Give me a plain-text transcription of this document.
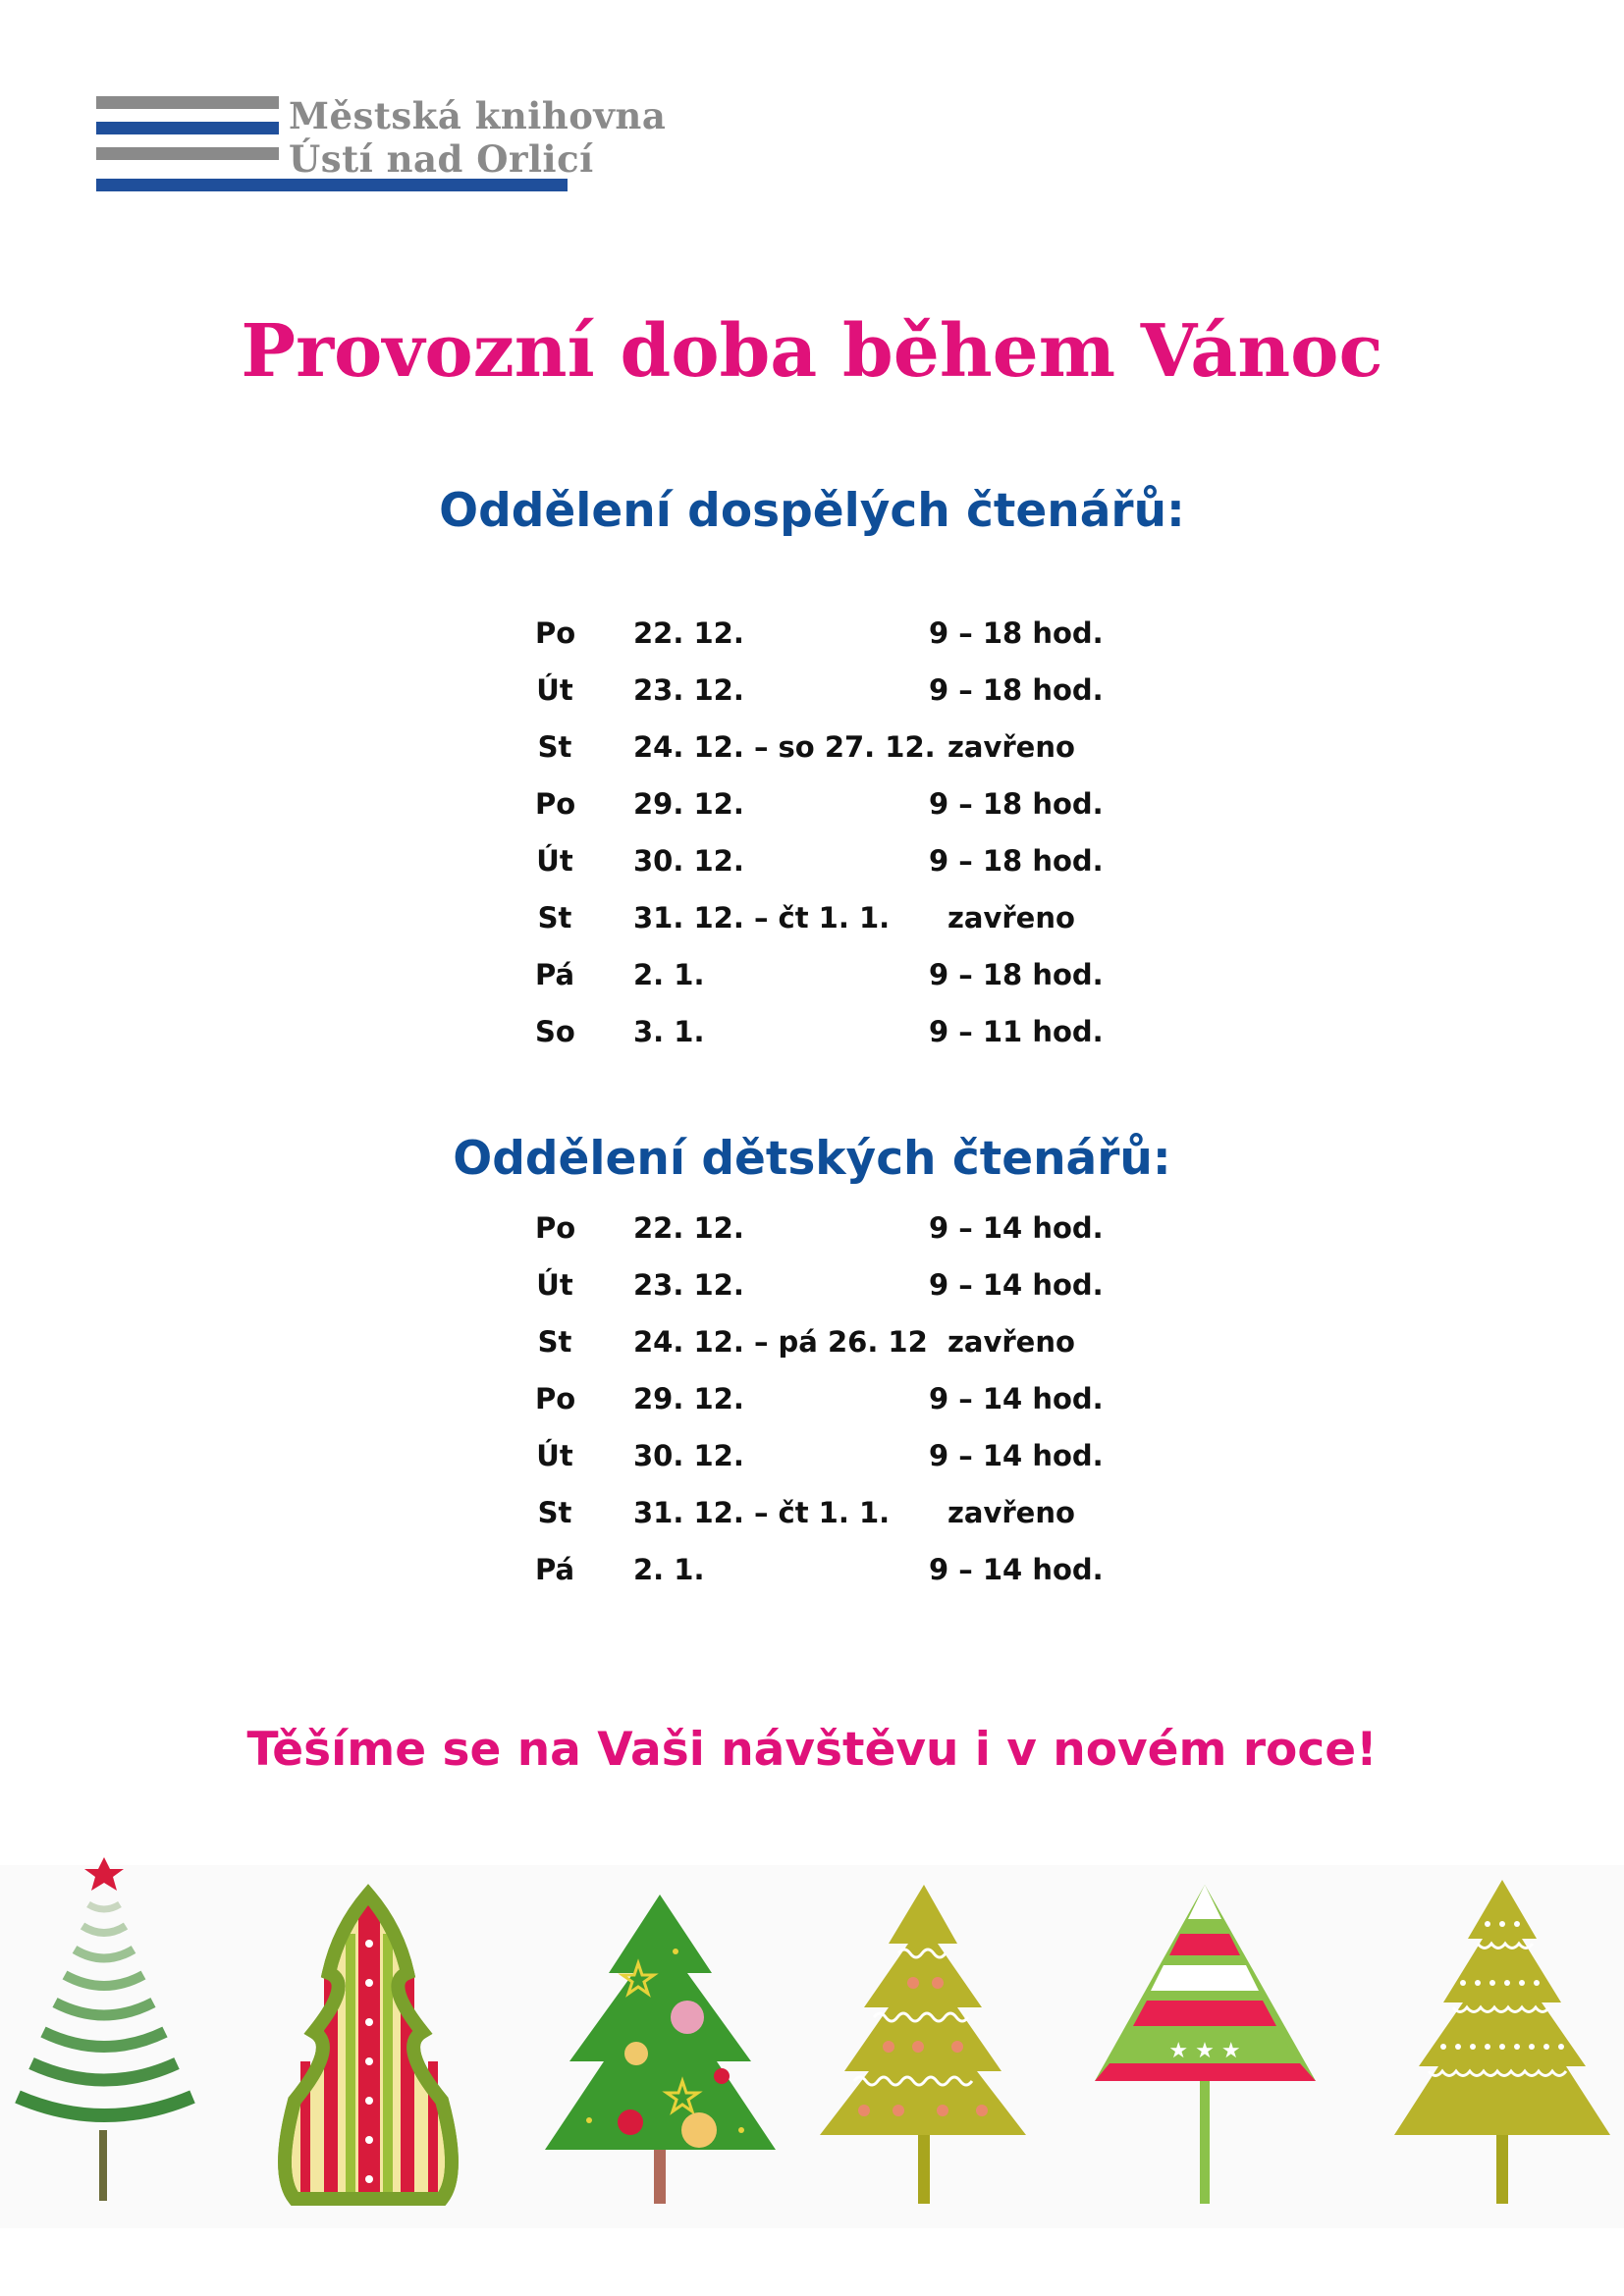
Městská knihovna
Ústí nad Orlicí
Provozní doba během Vánoc
Oddělení dospělých čtenářů:
Po 22. 12.	9 – 18 hod.
Út 23. 12.	9 – 18 hod.
St 24. 12. – so 27. 12. zavřeno
Po 29. 12.	9 – 18 hod.
Út 30. 12.	9 – 18 hod.
St 31. 12. – čt 1. 1. zavřeno
Pá 2. 1.	9 – 18 hod.
So 3. 1.	9 – 11 hod.
Oddělení dětských čtenářů:
Po 22. 12.	9 – 14 hod.
Út 23. 12.	9 – 14 hod.
St 24. 12. – pá 26. 12 zavřeno
Po 29. 12.	9 – 14 hod.
Út 30. 12.	9 – 14 hod.
St 31. 12. – čt 1. 1. zavřeno
Pá 2. 1.	9 – 14 hod.
Těšíme se na Vaši návštěvu i v novém roce!
★ ★ ★
